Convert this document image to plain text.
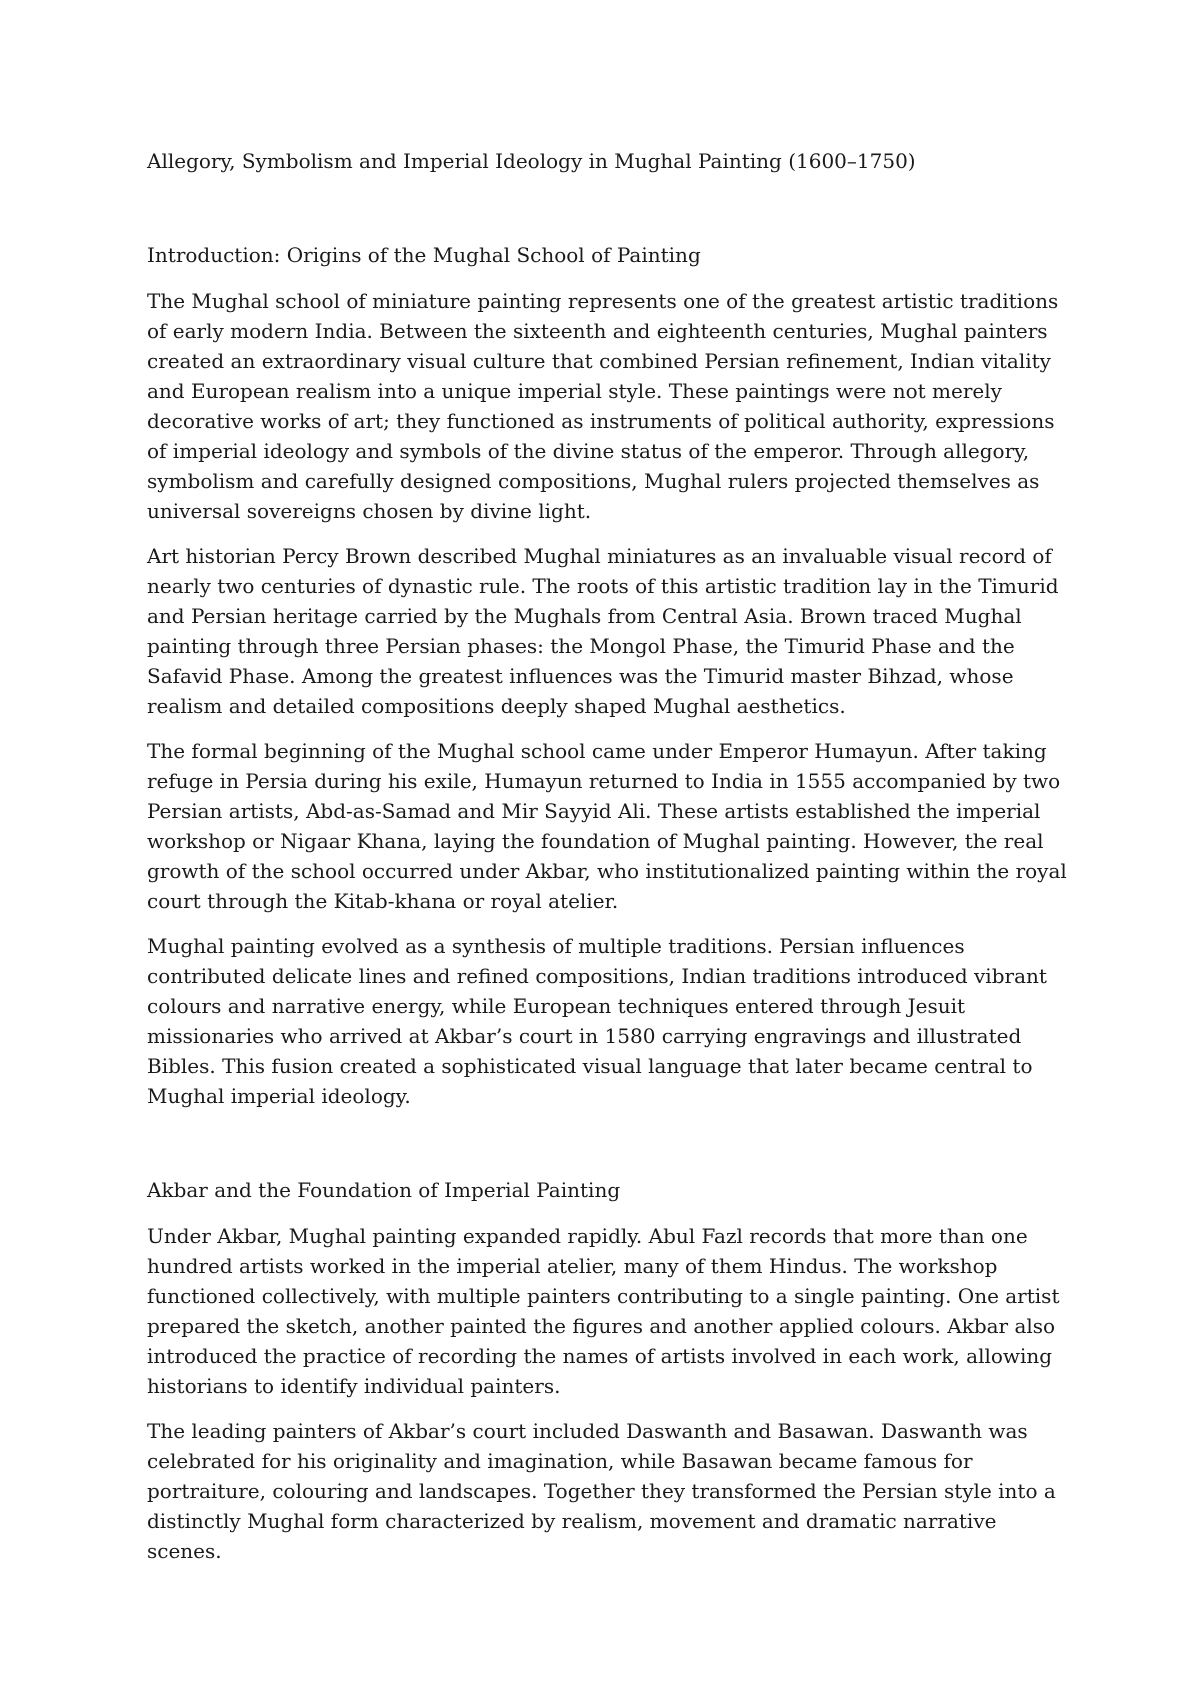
Allegory, Symbolism and Imperial Ideology in Mughal Painting (1600–1750)
Introduction: Origins of the Mughal School of Painting

The Mughal school of miniature painting represents one of the greatest artistic traditions of early modern India. Between the sixteenth and eighteenth centuries, Mughal painters created an extraordinary visual culture that combined Persian refinement, Indian vitality and European realism into a unique imperial style. These paintings were not merely decorative works of art; they functioned as instruments of political authority, expressions of imperial ideology and symbols of the divine status of the emperor. Through allegory, symbolism and carefully designed compositions, Mughal rulers projected themselves as universal sovereigns chosen by divine light.

Art historian Percy Brown described Mughal miniatures as an invaluable visual record of nearly two centuries of dynastic rule. The roots of this artistic tradition lay in the Timurid and Persian heritage carried by the Mughals from Central Asia. Brown traced Mughal painting through three Persian phases: the Mongol Phase, the Timurid Phase and the Safavid Phase. Among the greatest influences was the Timurid master Bihzad, whose realism and detailed compositions deeply shaped Mughal aesthetics.

The formal beginning of the Mughal school came under Emperor Humayun. After taking refuge in Persia during his exile, Humayun returned to India in 1555 accompanied by two Persian artists, Abd-as-Samad and Mir Sayyid Ali. These artists established the imperial workshop or Nigaar Khana, laying the foundation of Mughal painting. However, the real growth of the school occurred under Akbar, who institutionalized painting within the royal court through the Kitab-khana or royal atelier.

Mughal painting evolved as a synthesis of multiple traditions. Persian influences contributed delicate lines and refined compositions, Indian traditions introduced vibrant colours and narrative energy, while European techniques entered through Jesuit missionaries who arrived at Akbar’s court in 1580 carrying engravings and illustrated Bibles. This fusion created a sophisticated visual language that later became central to Mughal imperial ideology.

Akbar and the Foundation of Imperial Painting

Under Akbar, Mughal painting expanded rapidly. Abul Fazl records that more than one hundred artists worked in the imperial atelier, many of them Hindus. The workshop functioned collectively, with multiple painters contributing to a single painting. One artist prepared the sketch, another painted the figures and another applied colours. Akbar also introduced the practice of recording the names of artists involved in each work, allowing historians to identify individual painters.

The leading painters of Akbar’s court included Daswanth and Basawan. Daswanth was celebrated for his originality and imagination, while Basawan became famous for portraiture, colouring and landscapes. Together they transformed the Persian style into a distinctly Mughal form characterized by realism, movement and dramatic narrative scenes.
